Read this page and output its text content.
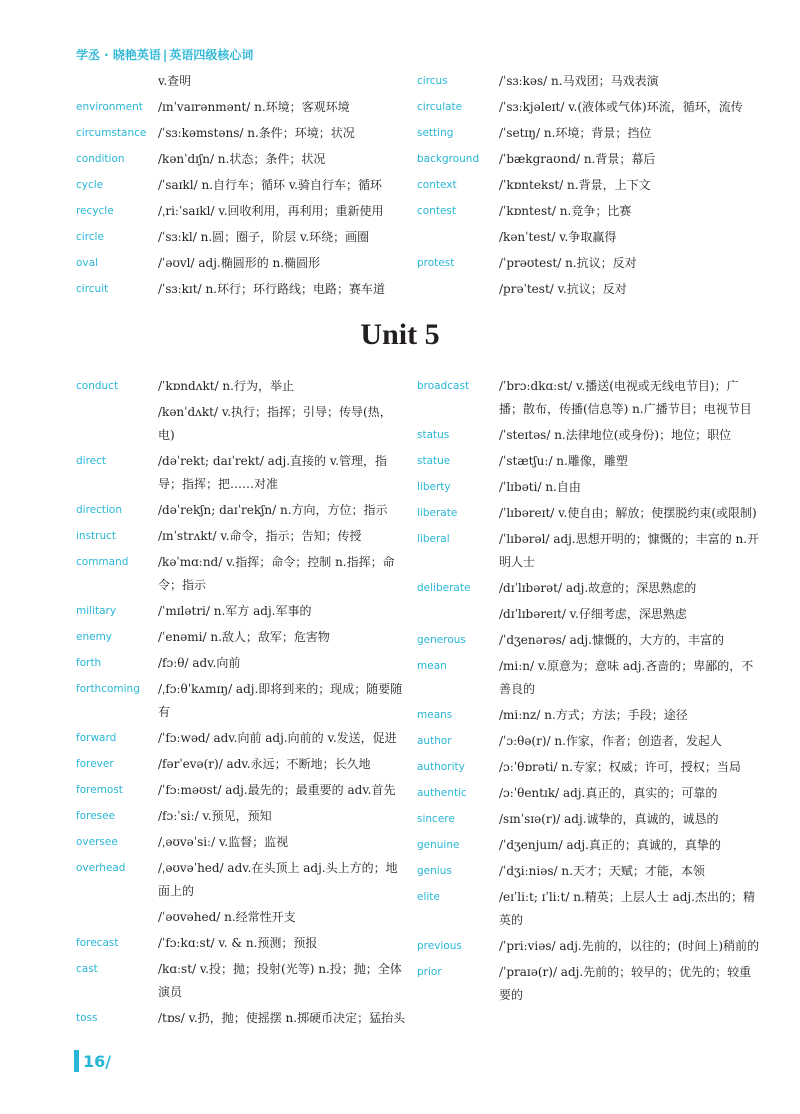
学丞 · 晓艳英语 | 英语四级核心词
v.查明
environment	/ɪnˈvaɪrənmənt/ n.环境；客观环境
circumstance /ˈsɜːkəmstəns/ n.条件；环境；状况
condition	/kənˈdɪʃn/ n.状态；条件；状况
cycle	/ˈsaɪkl/ n.自行车；循环 v.骑自行车；循环
recycle	/ˌriːˈsaɪkl/ v.回收利用，再利用；重新使用
circle	/ˈsɜːkl/ n.圆；圈子，阶层 v.环绕；画圈
oval	/ˈəʊvl/ adj.椭圆形的 n.椭圆形
circuit	/ˈsɜːkɪt/ n.环行；环行路线；电路；赛车道
circus	/ˈsɜːkəs/ n.马戏团；马戏表演
circulate	/ˈsɜːkjəleɪt/ v.(液体或气体)环流，循环，流传
setting	/ˈsetɪŋ/ n.环境；背景；挡位
background	/ˈbækgraʊnd/ n.背景；幕后
context	/ˈkɒntekst/ n.背景，上下文
contest	/ˈkɒntest/ n.竞争；比赛
/kənˈtest/ v.争取赢得
protest	/ˈprəʊtest/ n.抗议；反对
/prəˈtest/ v.抗议；反对
Unit 5
conduct	/ˈkɒndʌkt/ n.行为，举止
/kənˈdʌkt/ v.执行；指挥；引导；传导(热，电)
direct	/dəˈrekt; daɪˈrekt/ adj.直接的 v.管理，指导；指挥；把……对准
direction	/dəˈrekʃn; daɪˈrekʃn/ n.方向，方位；指示
instruct	/ɪnˈstrʌkt/ v.命令，指示；告知；传授
command	/kəˈmɑːnd/ v.指挥；命令；控制 n.指挥；命令；指示
military	/ˈmɪlətri/ n.军方 adj.军事的
enemy	/ˈenəmi/ n.敌人；敌军；危害物
forth	/fɔːθ/ adv.向前
forthcoming	/ˌfɔːθˈkʌmɪŋ/ adj.即将到来的；现成；随要随有
forward	/ˈfɔːwəd/ adv.向前 adj.向前的 v.发送，促进
forever	/fərˈevə(r)/ adv.永远；不断地；长久地
foremost	/ˈfɔːməʊst/ adj.最先的；最重要的 adv.首先
foresee	/fɔːˈsiː/ v.预见，预知
oversee	/ˌəʊvəˈsiː/ v.监督；监视
overhead	/ˌəʊvəˈhed/ adv.在头顶上 adj.头上方的；地面上的
/ˈəʊvəhed/ n.经常性开支
forecast	/ˈfɔːkɑːst/ v. & n.预测；预报
cast	/kɑːst/ v.投；抛；投射(光等) n.投；抛；全体演员
toss	/tɒs/ v.扔，抛；使摇摆 n.掷硬币决定；猛抬头
broadcast	/ˈbrɔːdkɑːst/ v.播送(电视或无线电节目)；广播；散布，传播(信息等) n.广播节目；电视节目
status	/ˈsteɪtəs/ n.法律地位(或身份)；地位；职位
statue	/ˈstætʃuː/ n.雕像，雕塑
liberty	/ˈlɪbəti/ n.自由
liberate	/ˈlɪbəreɪt/ v.使自由；解放；使摆脱约束(或限制)
liberal	/ˈlɪbərəl/ adj.思想开明的；慷慨的；丰富的 n.开明人士
deliberate	/dɪˈlɪbərət/ adj.故意的；深思熟虑的
/dɪˈlɪbəreɪt/ v.仔细考虑，深思熟虑
generous	/ˈdʒenərəs/ adj.慷慨的，大方的，丰富的
mean	/miːn/ v.原意为；意味 adj.吝啬的；卑鄙的，不善良的
means	/miːnz/ n.方式；方法；手段；途径
author	/ˈɔːθə(r)/ n.作家，作者；创造者，发起人
authority	/ɔːˈθɒrəti/ n.专家；权威；许可，授权；当局
authentic	/ɔːˈθentɪk/ adj.真正的，真实的；可靠的
sincere	/sɪnˈsɪə(r)/ adj.诚挚的，真诚的，诚恳的
genuine	/ˈdʒenjuɪn/ adj.真正的；真诚的，真挚的
genius	/ˈdʒiːniəs/ n.天才；天赋；才能，本领
elite	/eɪˈliːt; ɪˈliːt/ n.精英；上层人士 adj.杰出的；精英的
previous	/ˈpriːviəs/ adj.先前的，以往的；(时间上)稍前的
prior	/ˈpraɪə(r)/ adj.先前的；较早的；优先的；较重要的
16/
